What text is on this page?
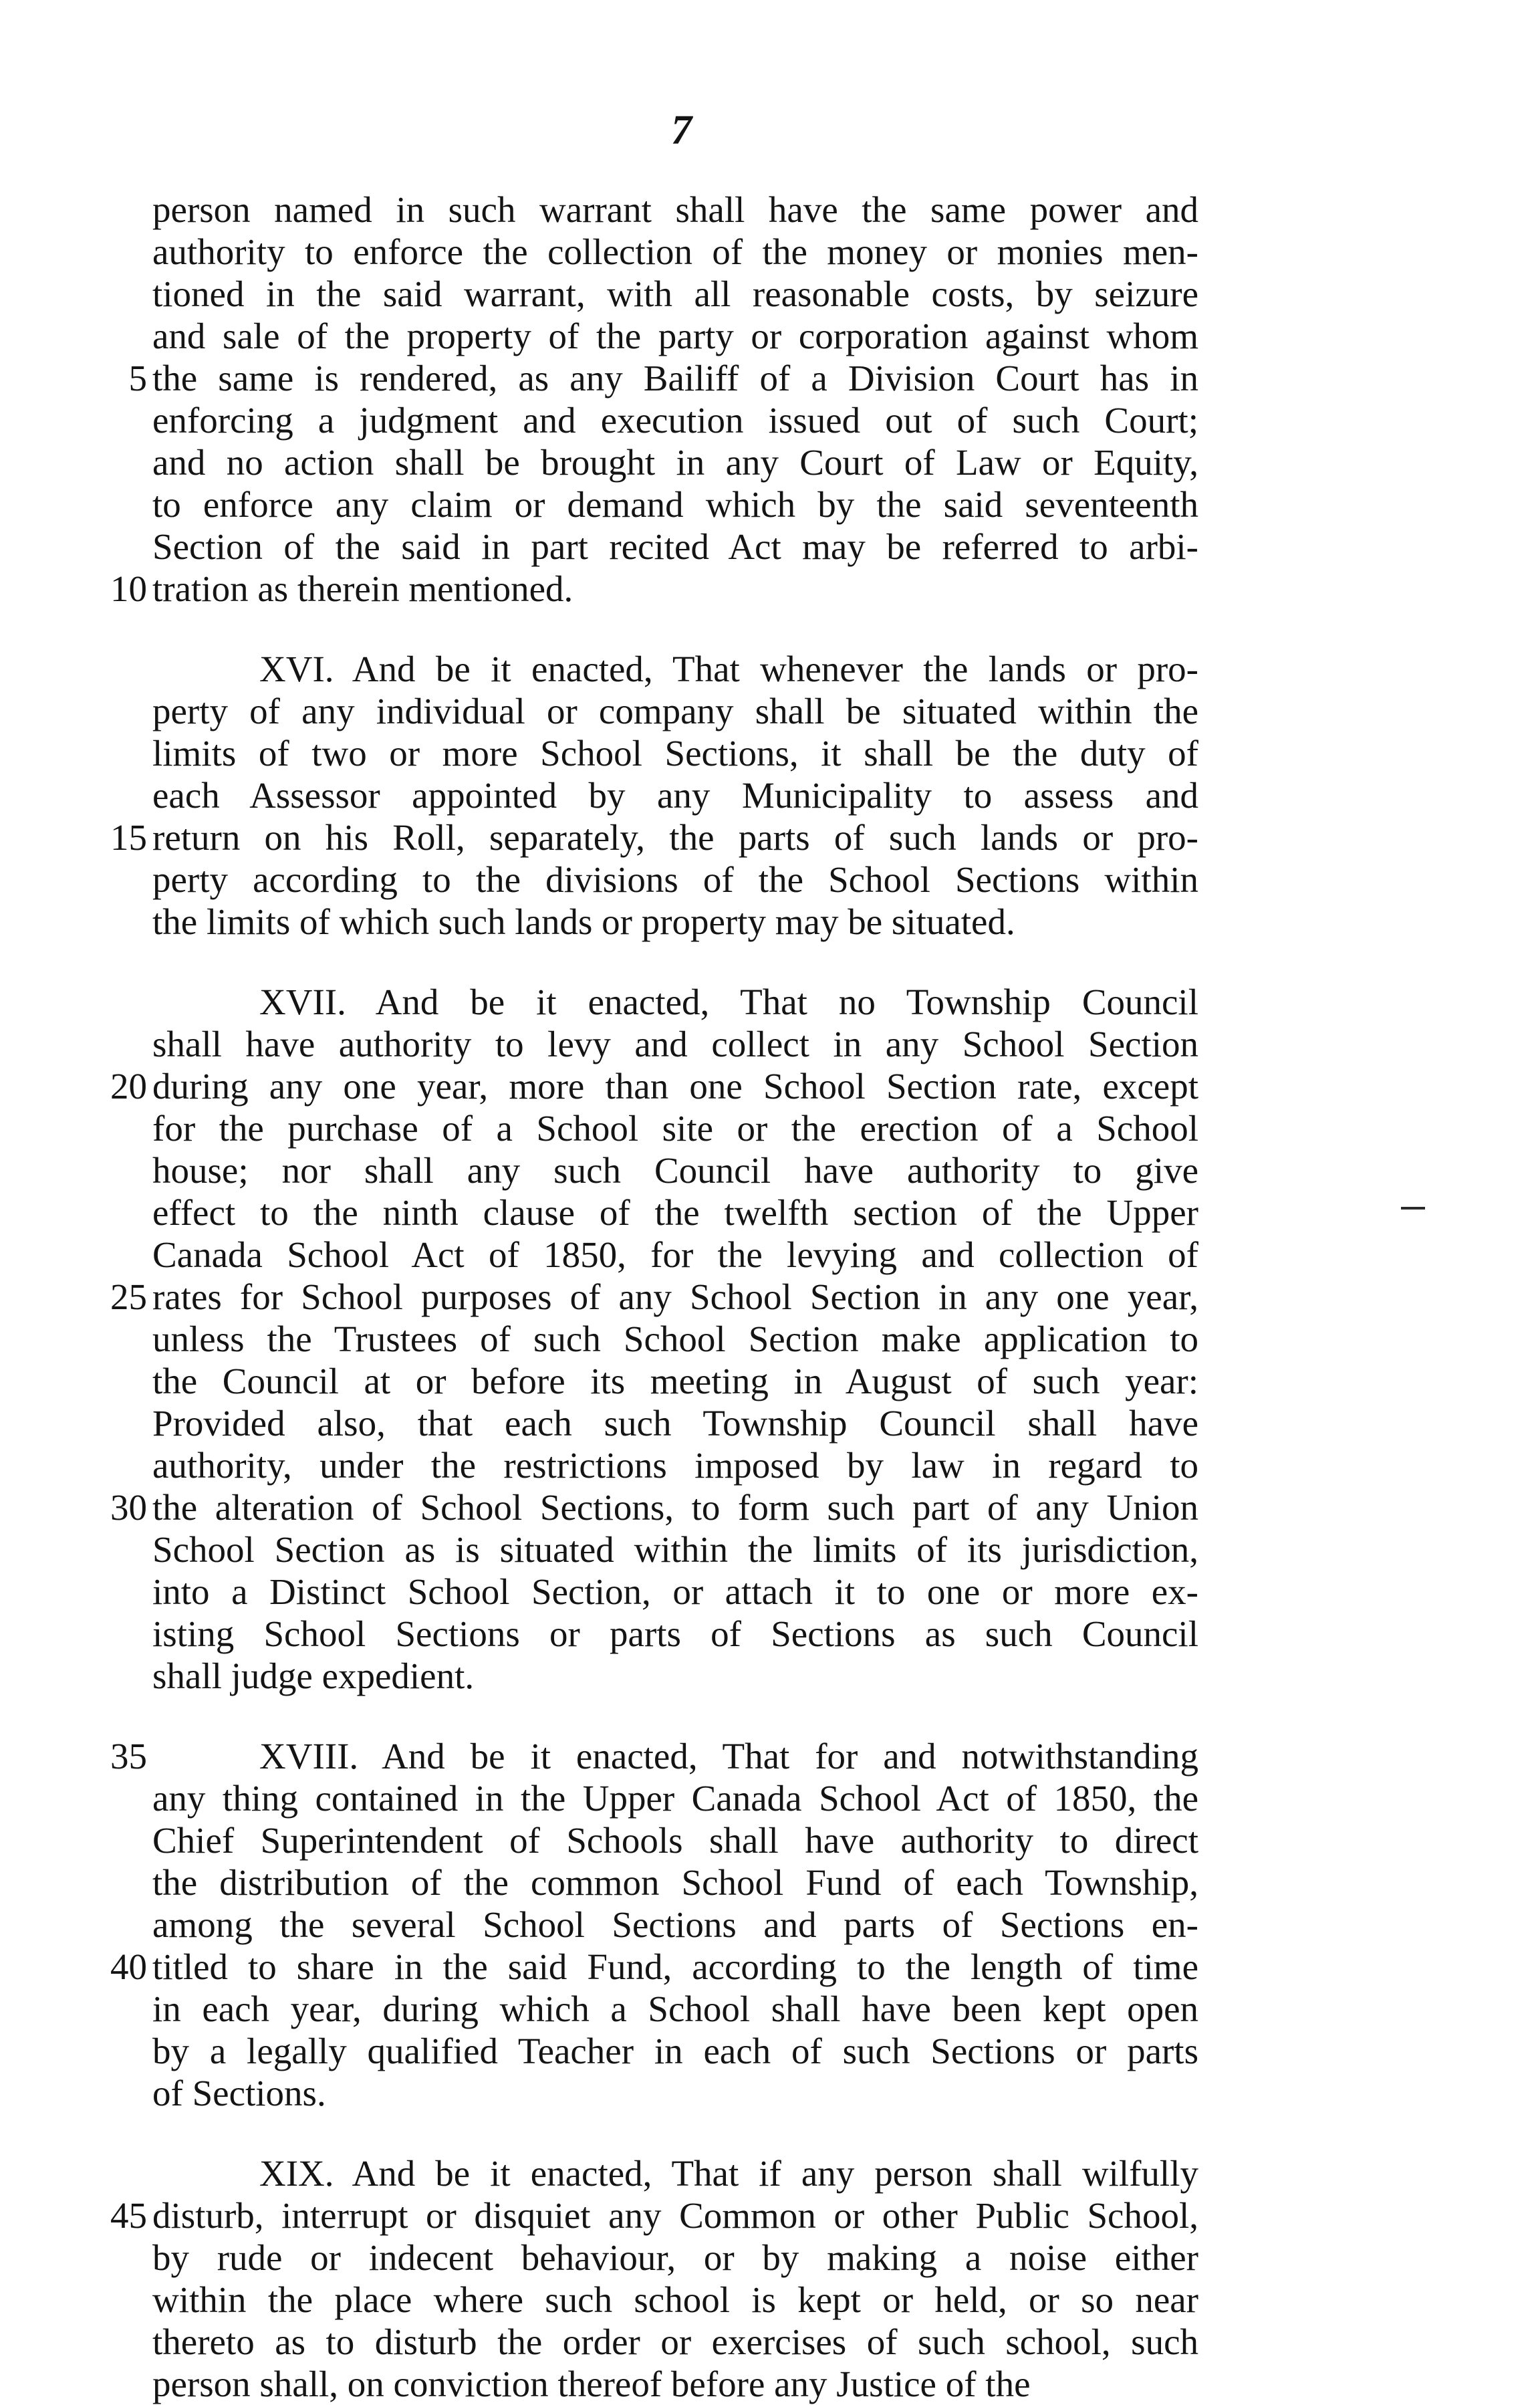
7
person named in such warrant shall have the same power and
authority to enforce the collection of the money or monies men-
tioned in the said warrant, with all reasonable costs, by seizure
and sale of the property of the party or corporation against whom
5 the same is rendered, as any Bailiff of a Division Court has in
enforcing a judgment and execution issued out of such Court;
and no action shall be brought in any Court of Law or Equity,
to enforce any claim or demand which by the said seventeenth
Section of the said in part recited Act may be referred to arbi-
10 tration as therein mentioned.
XVI. And be it enacted, That whenever the lands or pro-
perty of any individual or company shall be situated within the
limits of two or more School Sections, it shall be the duty of
each Assessor appointed by any Municipality to assess and
15 return on his Roll, separately, the parts of such lands or pro-
perty according to the divisions of the School Sections within
the limits of which such lands or property may be situated.
XVII. And be it enacted, That no Township Council
shall have authority to levy and collect in any School Section
20 during any one year, more than one School Section rate, except
for the purchase of a School site or the erection of a School
house; nor shall any such Council have authority to give
effect to the ninth clause of the twelfth section of the Upper
Canada School Act of 1850, for the levying and collection of
25 rates for School purposes of any School Section in any one year,
unless the Trustees of such School Section make application to
the Council at or before its meeting in August of such year:
Provided also, that each such Township Council shall have
authority, under the restrictions imposed by law in regard to
30 the alteration of School Sections, to form such part of any Union
School Section as is situated within the limits of its jurisdiction,
into a Distinct School Section, or attach it to one or more ex-
isting School Sections or parts of Sections as such Council
shall judge expedient.
35	XVIII. And be it enacted, That for and notwithstanding
any thing contained in the Upper Canada School Act of 1850, the
Chief Superintendent of Schools shall have authority to direct
the distribution of the common School Fund of each Township,
among the several School Sections and parts of Sections en-
40 titled to share in the said Fund, according to the length of time
in each year, during which a School shall have been kept open
by a legally qualified Teacher in each of such Sections or parts
of Sections.
XIX. And be it enacted, That if any person shall wilfully
45 disturb, interrupt or disquiet any Common or other Public School,
by rude or indecent behaviour, or by making a noise either
within the place where such school is kept or held, or so near
thereto as to disturb the order or exercises of such school, such
person shall, on conviction thereof before any Justice of the
